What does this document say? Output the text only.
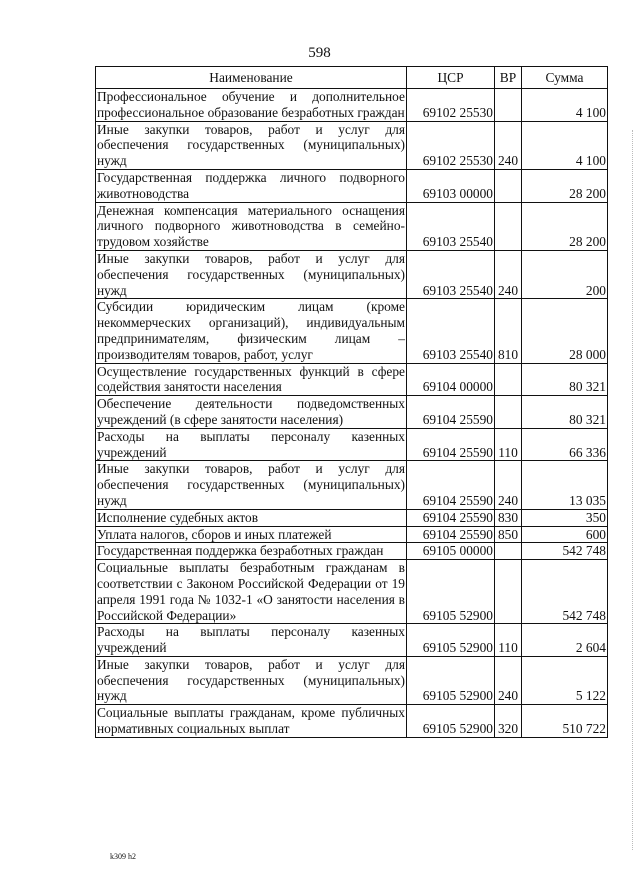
598
Наименование	ЦСР	ВР	Сумма
Профессиональное обучение и дополнительное профессиональное образование безработных граждан	69102 25530		4 100
Иные закупки товаров, работ и услуг для обеспечения государственных (муниципальных) нужд	69102 25530	240	4 100
Государственная поддержка личного подворного животноводства	69103 00000		28 200
Денежная компенсация материального оснащения личного подворного животноводства в семейно-трудовом хозяйстве	69103 25540		28 200
Иные закупки товаров, работ и услуг для обеспечения государственных (муниципальных) нужд	69103 25540	240	200
Субсидии юридическим лицам (кроме некоммерческих организаций), индивидуальным предпринимателям, физическим лицам – производителям товаров, работ, услуг	69103 25540	810	28 000
Осуществление государственных функций в сфере содействия занятости населения	69104 00000		80 321
Обеспечение деятельности подведомственных учреждений (в сфере занятости населения)	69104 25590		80 321
Расходы на выплаты персоналу казенных учреждений	69104 25590	110	66 336
Иные закупки товаров, работ и услуг для обеспечения государственных (муниципальных) нужд	69104 25590	240	13 035
Исполнение судебных актов	69104 25590	830	350
Уплата налогов, сборов и иных платежей	69104 25590	850	600
Государственная поддержка безработных граждан	69105 00000		542 748
Социальные выплаты безработным гражданам в соответствии с Законом Российской Федерации от 19 апреля 1991 года № 1032-1 «О занятости населения в Российской Федерации»	69105 52900		542 748
Расходы на выплаты персоналу казенных учреждений	69105 52900	110	2 604
Иные закупки товаров, работ и услуг для обеспечения государственных (муниципальных) нужд	69105 52900	240	5 122
Социальные выплаты гражданам, кроме публичных нормативных социальных выплат	69105 52900	320	510 722
k309 h2
